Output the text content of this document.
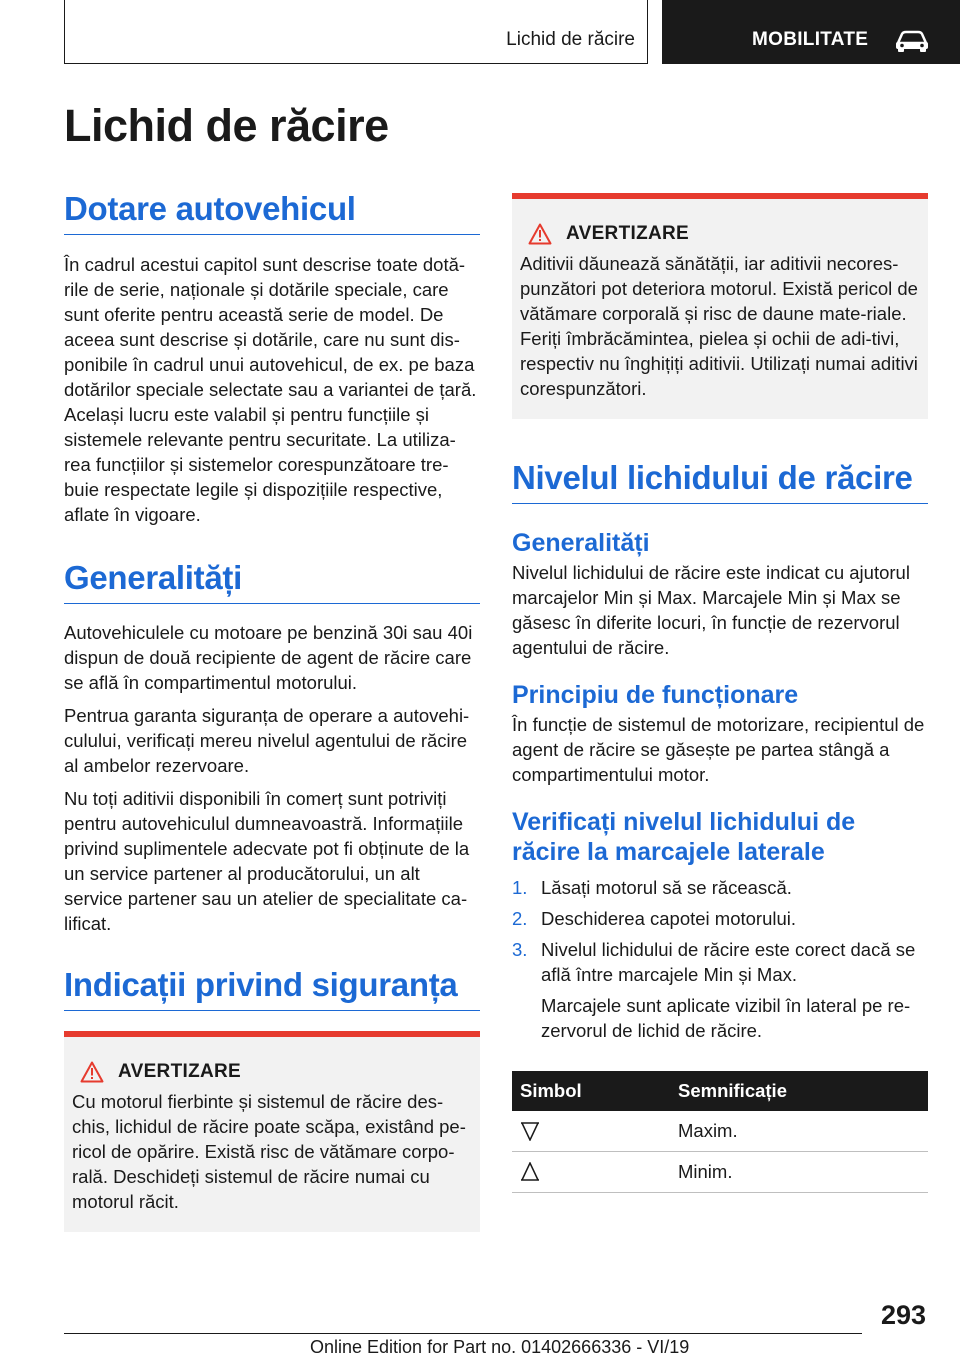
Lichid de răcire	MOBILITATE
Lichid de răcire
Dotare autovehicul

În cadrul acestui capitol sunt descrise toate dotă-rile de serie, naționale și dotările speciale, care sunt oferite pentru această serie de model. De aceea sunt descrise și dotările, care nu sunt dis-ponibile în cadrul unui autovehicul, de ex. pe baza dotărilor speciale selectate sau a variantei de țară. Același lucru este valabil și pentru funcțiile și sistemele relevante pentru securitate. La utiliza-rea funcțiilor și sistemelor corespunzătoare tre-buie respectate legile și dispozițiile respective, aflate în vigoare.

Generalități

Autovehiculele cu motoare pe benzină 30i sau 40i dispun de două recipiente de agent de răcire care se află în compartimentul motorului.

Pentrua garanta siguranța de operare a autovehi-culului, verificați mereu nivelul agentului de răcire al ambelor rezervoare.

Nu toți aditivii disponibili în comerț sunt potriviți pentru autovehiculul dumneavoastră. Informațiile privind suplimentele adecvate pot fi obținute de la un service partener al producătorului, un alt service partener sau un atelier de specialitate ca-lificat.

Indicații privind siguranța
AVERTIZARE

Cu motorul fierbinte și sistemul de răcire des-chis, lichidul de răcire poate scăpa, existând pe-ricol de opărire. Există risc de vătămare corpo-rală. Deschideți sistemul de răcire numai cu motorul răcit.

AVERTIZARE

Aditivii dăunează sănătății, iar aditivii necores-punzători pot deteriora motorul. Există pericol de vătămare corporală și risc de daune mate-riale. Feriți îmbrăcămintea, pielea și ochii de adi-tivi, respectiv nu înghițiți aditivii. Utilizați numai aditivi corespunzători.

Nivelul lichidului de răcire
Generalități

Nivelul lichidului de răcire este indicat cu ajutorul marcajelor Min și Max. Marcajele Min și Max se găsesc în diferite locuri, în funcție de rezervorul agentului de răcire.

Principiu de funcționare

În funcție de sistemul de motorizare, recipientul de agent de răcire se găsește pe partea stângă a compartimentului motor.

Verificați nivelul lichidului de răcire la marcajele laterale
1. Lăsați motorul să se răcească.
2. Deschiderea capotei motorului.
3. Nivelul lichidului de răcire este corect dacă se află între marcajele Min și Max.

Marcajele sunt aplicate vizibil în lateral pe re-zervorul de lichid de răcire.

Simbol	Semnificație

	Maxim.

	Minim.
293
Online Edition for Part no. 01402666336 - VI/19
